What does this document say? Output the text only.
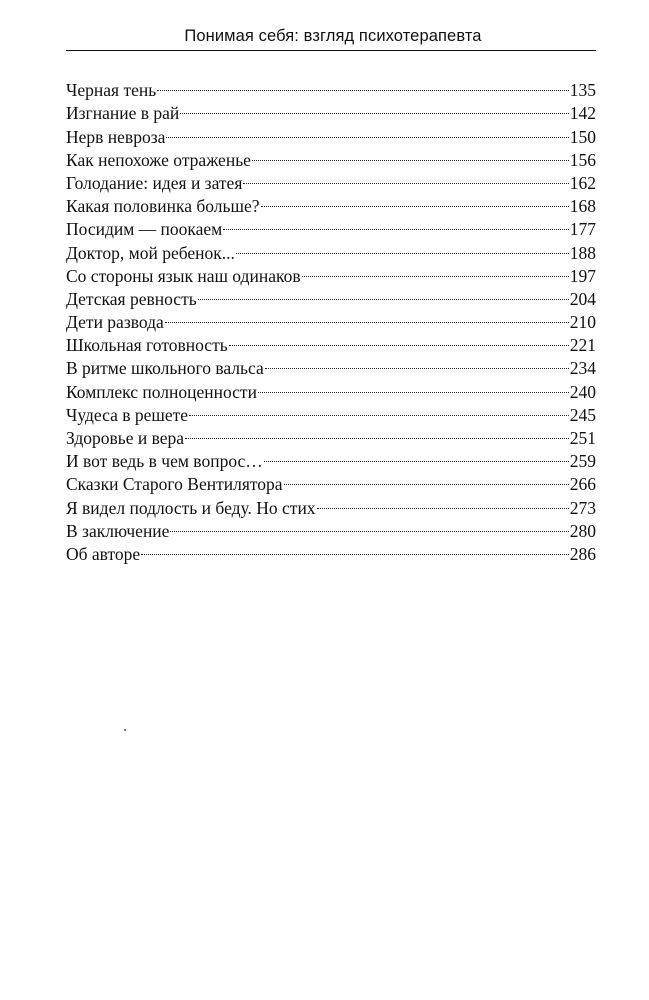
Понимая себя: взгляд психотерапевта
Черная тень	135
Изгнание в рай	142
Нерв невроза	150
Как непохоже отраженье	156
Голодание: идея и затея	162
Какая половинка больше?	168
Посидим — поокаем	177
Доктор, мой ребенок...	188
Со стороны язык наш одинаков	197
Детская ревность	204
Дети развода	210
Школьная готовность	221
В ритме школьного вальса	234
Комплекс полноценности	240
Чудеса в решете	245
Здоровье и вера	251
И вот ведь в чем вопрос…	259
Сказки Старого Вентилятора	266
Я видел подлость и беду. Но стих	273
В заключение	280
Об авторе	286
